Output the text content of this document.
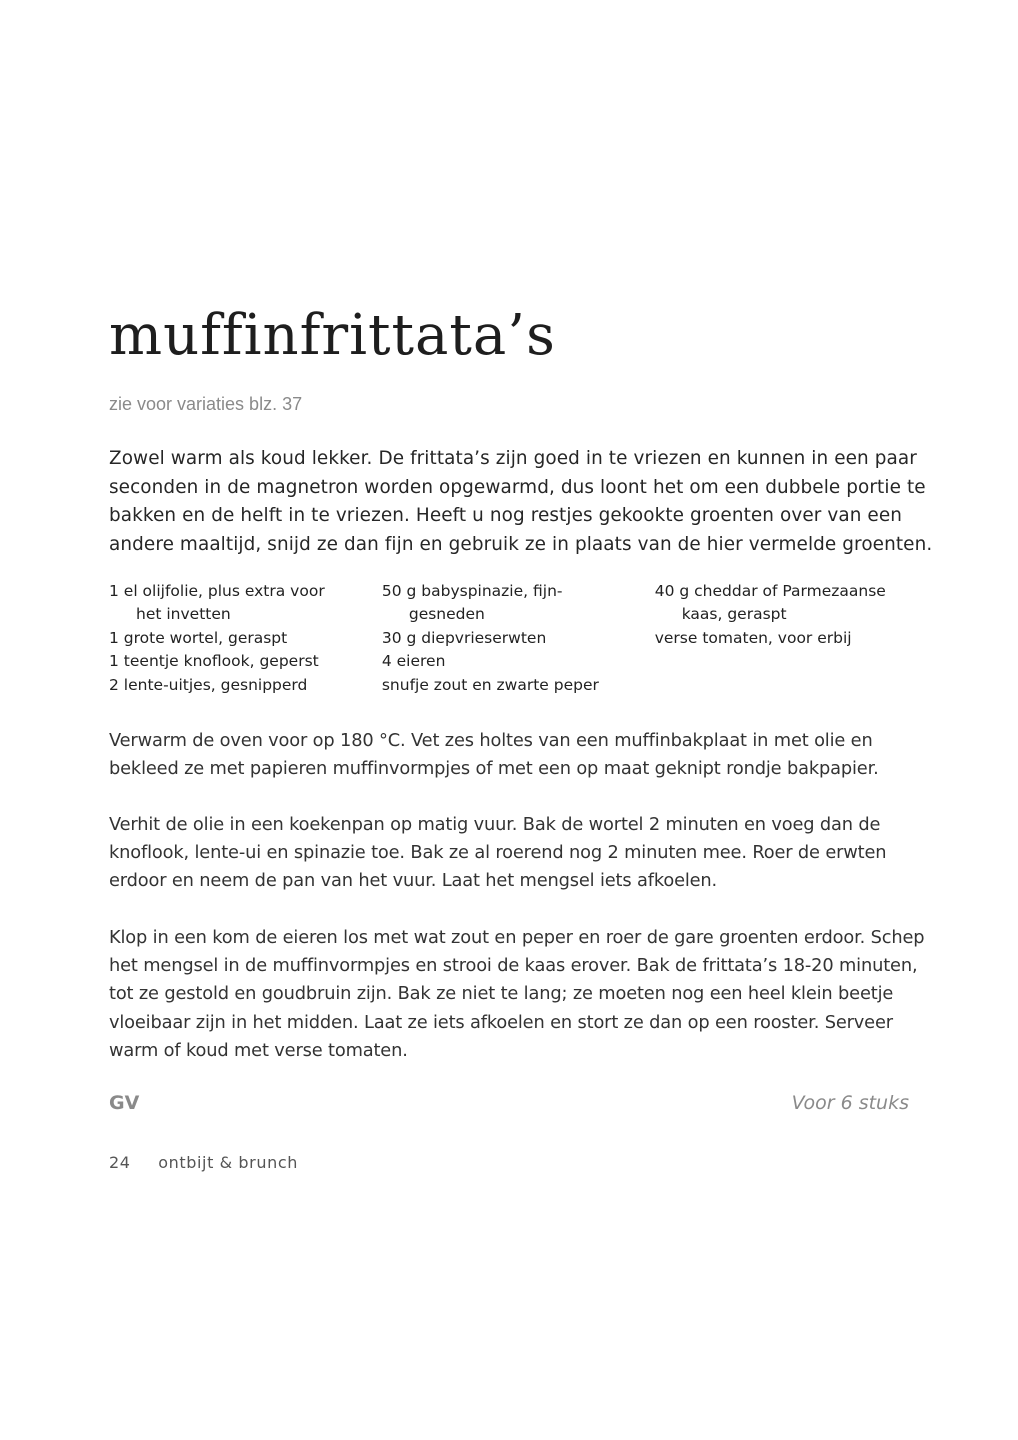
muffinfrittata’s
zie voor variaties blz. 37

Zowel warm als koud lekker. De frittata’s zijn goed in te vriezen en kunnen in een paar
seconden in de magnetron worden opgewarmd, dus loont het om een dubbele portie te
bakken en de helft in te vriezen. Heeft u nog restjes gekookte groenten over van een
andere maaltijd, snijd ze dan fijn en gebruik ze in plaats van de hier vermelde groenten.

1 el olijfolie, plus extra voor
het invetten
1 grote wortel, geraspt
1 teentje knoflook, geperst
2 lente-uitjes, gesnipperd
50 g babyspinazie, fijn-
gesneden
30 g diepvrieserwten
4 eieren
snufje zout en zwarte peper
40 g cheddar of Parmezaanse
kaas, geraspt
verse tomaten, voor erbij

Verwarm de oven voor op 180 °C. Vet zes holtes van een muffinbakplaat in met olie en
bekleed ze met papieren muffinvormpjes of met een op maat geknipt rondje bakpapier.

Verhit de olie in een koekenpan op matig vuur. Bak de wortel 2 minuten en voeg dan de
knoflook, lente-ui en spinazie toe. Bak ze al roerend nog 2 minuten mee. Roer de erwten
erdoor en neem de pan van het vuur. Laat het mengsel iets afkoelen.

Klop in een kom de eieren los met wat zout en peper en roer de gare groenten erdoor. Schep
het mengsel in de muffinvormpjes en strooi de kaas erover. Bak de frittata’s 18-20 minuten,
tot ze gestold en goudbruin zijn. Bak ze niet te lang; ze moeten nog een heel klein beetje
vloeibaar zijn in het midden. Laat ze iets afkoelen en stort ze dan op een rooster. Serveer
warm of koud met verse tomaten.

GV	Voor 6 stuks
24 ontbijt & brunch
